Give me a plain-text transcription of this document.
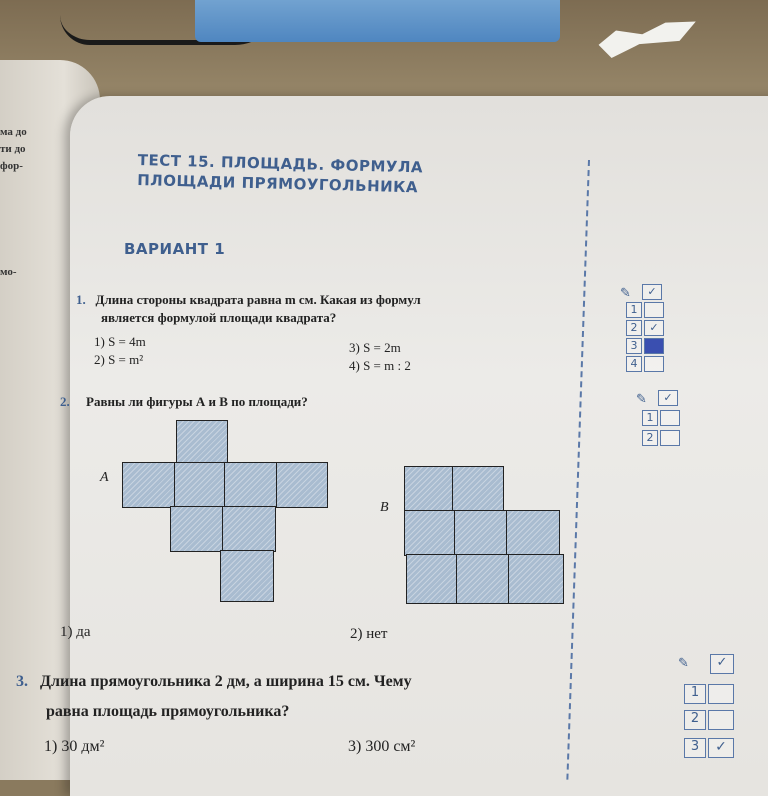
ма до
ти до
фор-
мо-
ТЕСТ 15. ПЛОЩАДЬ. ФОРМУЛА
ПЛОЩАДИ ПРЯМОУГОЛЬНИКА
ВАРИАНТ 1
1. Длина стороны квадрата равна m см. Какая из формул
является формулой площади квадрата?
1) S = 4m
2) S = m²
3) S = 2m
4) S = m : 2
✎	✓
1
2	✓
3
4
2. Равны ли фигуры А и В по площади?	✎	✓
1
2
A
B
1) да	2) нет
3. Длина прямоугольника 2 дм, а ширина 15 см. Чему
равна площадь прямоугольника?
1) 30 дм²	3) 300 см²
✎	✓
1
2
3	✓
